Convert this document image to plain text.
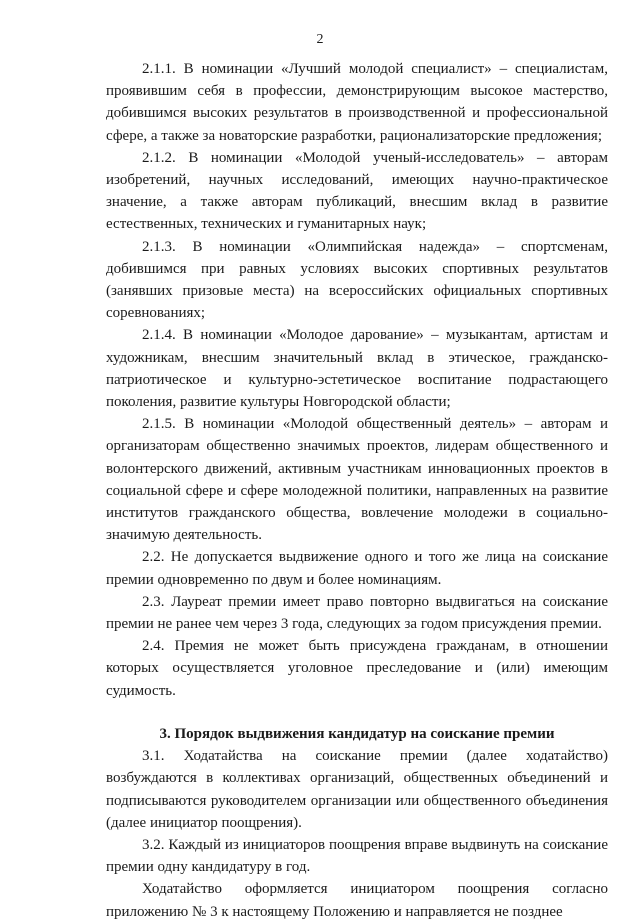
2

2.1.1. В номинации «Лучший молодой специалист» – специалистам, проявившим себя в профессии, демонстрирующим высокое мастерство, добившимся высоких результатов в производственной и профессиональной сфере, а также за новаторские разработки, рационализаторские предложения;

2.1.2. В номинации «Молодой ученый-исследователь» – авторам изобретений, научных исследований, имеющих научно-практическое значение, а также авторам публикаций, внесшим вклад в развитие естественных, технических и гуманитарных наук;

2.1.3. В номинации «Олимпийская надежда» – спортсменам, добившимся при равных условиях высоких спортивных результатов (занявших призовые места) на всероссийских официальных спортивных соревнованиях;

2.1.4. В номинации «Молодое дарование» – музыкантам, артистам и художникам, внесшим значительный вклад в этическое, гражданско-патриотическое и культурно-эстетическое воспитание подрастающего поколения, развитие культуры Новгородской области;

2.1.5. В номинации «Молодой общественный деятель» – авторам и организаторам общественно значимых проектов, лидерам общественного и волонтерского движений, активным участникам инновационных проектов в социальной сфере и сфере молодежной политики, направленных на развитие институтов гражданского общества, вовлечение молодежи в социально-значимую деятельность.

2.2. Не допускается выдвижение одного и того же лица на соискание премии одновременно по двум и более номинациям.

2.3. Лауреат премии имеет право повторно выдвигаться на соискание премии не ранее чем через 3 года, следующих за годом присуждения премии.

2.4. Премия не может быть присуждена гражданам, в отношении которых осуществляется уголовное преследование и (или) имеющим судимость.

3. Порядок выдвижения кандидатур на соискание премии

3.1. Ходатайства на соискание премии (далее ходатайство) возбуждаются в коллективах организаций, общественных объединений и подписываются руководителем организации или общественного объединения (далее инициатор поощрения).

3.2. Каждый из инициаторов поощрения вправе выдвинуть на соискание премии одну кандидатуру в год.

Ходатайство оформляется инициатором поощрения согласно приложению № 3 к настоящему Положению и направляется не позднее
